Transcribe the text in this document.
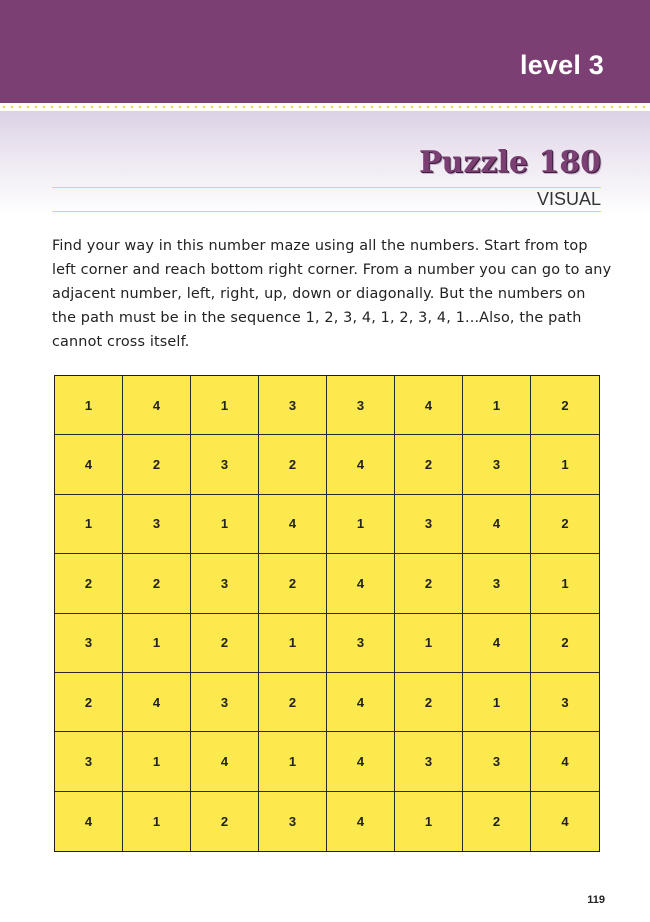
level 3
Puzzle 180
VISUAL
Find your way in this number maze using all the numbers. Start from top left corner and reach bottom right corner. From a number you can go to any adjacent number, left, right, up, down or diagonally. But the numbers on the path must be in the sequence 1, 2, 3, 4, 1, 2, 3, 4, 1...Also, the path cannot cross itself.
1	4	1	3	3	4	1	2
4	2	3	2	4	2	3	1
1	3	1	4	1	3	4	2
2	2	3	2	4	2	3	1
3	1	2	1	3	1	4	2
2	4	3	2	4	2	1	3
3	1	4	1	4	3	3	4
4	1	2	3	4	1	2	4
119
